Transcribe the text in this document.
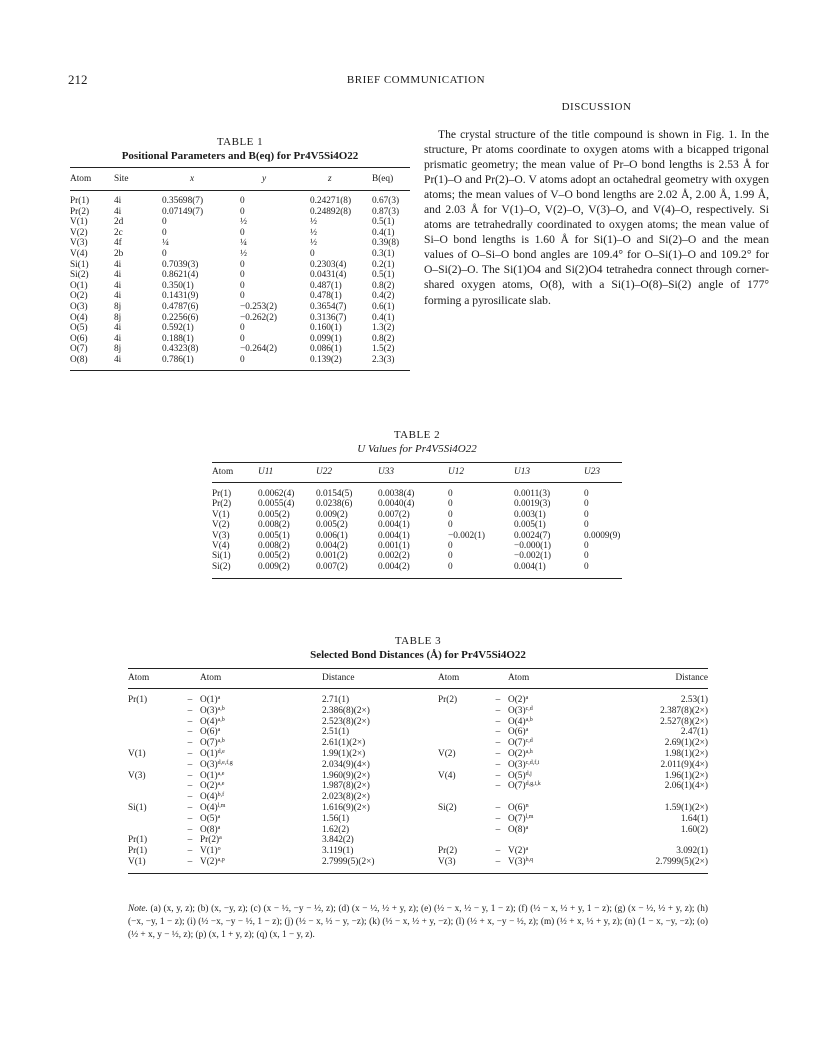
212	BRIEF COMMUNICATION
TABLE 1
Positional Parameters and B(eq) for Pr4V5Si4O22
Atom	Site	x	y	z	B(eq)
Pr(1)	4i	0.35698(7)	0	0.24271(8)	0.67(3)
Pr(2)	4i	0.07149(7)	0	0.24892(8)	0.87(3)
V(1)	2d	0	½	½	0.5(1)
V(2)	2c	0	0	½	0.4(1)
V(3)	4f	¼	¼	½	0.39(8)
V(4)	2b	0	½	0	0.3(1)
Si(1)	4i	0.7039(3)	0	0.2303(4)	0.2(1)
Si(2)	4i	0.8621(4)	0	0.0431(4)	0.5(1)
O(1)	4i	0.350(1)	0	0.487(1)	0.8(2)
O(2)	4i	0.1431(9)	0	0.478(1)	0.4(2)
O(3)	8j	0.4787(6)	−0.253(2)	0.3654(7)	0.6(1)
O(4)	8j	0.2256(6)	−0.262(2)	0.3136(7)	0.4(1)
O(5)	4i	0.592(1)	0	0.160(1)	1.3(2)
O(6)	4i	0.188(1)	0	0.099(1)	0.8(2)
O(7)	8j	0.4323(8)	−0.264(2)	0.086(1)	1.5(2)
O(8)	4i	0.786(1)	0	0.139(2)	2.3(3)
DISCUSSION

The crystal structure of the title compound is shown in Fig. 1. In the structure, Pr atoms coordinate to oxygen atoms with a bicapped trigonal prismatic geometry; the mean value of Pr–O bond lengths is 2.53 Å for Pr(1)–O and Pr(2)–O. V atoms adopt an octahedral geometry with oxygen atoms; the mean values of V–O bond lengths are 2.02 Å, 2.00 Å, 1.99 Å, and 2.03 Å for V(1)–O, V(2)–O, V(3)–O, and V(4)–O, respectively. Si atoms are tetrahedrally coordinated to oxygen atoms; the mean value of Si–O bond lengths is 1.60 Å for Si(1)–O and Si(2)–O and the mean values of O–Si–O bond angles are 109.4° for O–Si(1)–O and 109.2° for O–Si(2)–O. The Si(1)O4 and Si(2)O4 tetrahedra connect through corner-shared oxygen atoms, O(8), with a Si(1)–O(8)–Si(2) angle of 177° forming a pyrosilicate slab.

TABLE 2
U Values for Pr4V5Si4O22
Atom	U11	U22	U33	U12	U13	U23
Pr(1)	0.0062(4)	0.0154(5)	0.0038(4)	0	0.0011(3)	0
Pr(2)	0.0055(4)	0.0238(6)	0.0040(4)	0	0.0019(3)	0
V(1)	0.005(2)	0.009(2)	0.007(2)	0	0.003(1)	0
V(2)	0.008(2)	0.005(2)	0.004(1)	0	0.005(1)	0
V(3)	0.005(1)	0.006(1)	0.004(1)	−0.002(1)	0.0024(7)	0.0009(9)
V(4)	0.008(2)	0.004(2)	0.001(1)	0	−0.000(1)	0
Si(1)	0.005(2)	0.001(2)	0.002(2)	0	−0.002(1)	0
Si(2)	0.009(2)	0.007(2)	0.004(2)	0	0.004(1)	0
TABLE 3
Selected Bond Distances (Å) for Pr4V5Si4O22
Atom		Atom	Distance	Atom		Atom	Distance
Pr(1)	–	$O(1)^a$	2.71(1)	Pr(2)	–	$O(2)^a$	2.53(1)
	–	$O(3)^{a,b}$	2.386(8)(2×)		–	$O(3)^{c,d}$	2.387(8)(2×)
	–	$O(4)^{a,b}$	2.523(8)(2×)		–	$O(4)^{a,b}$	2.527(8)(2×)
	–	$O(6)^a$	2.51(1)		–	$O(6)^a$	2.47(1)
	–	$O(7)^{a,b}$	2.61(1)(2×)		–	$O(7)^{c,d}$	2.69(1)(2×)
V(1)	–	$O(1)^{d,e}$	1.99(1)(2×)	V(2)	–	$O(2)^{a,h}$	1.98(1)(2×)
	–	$O(3)^{d,e,f,g}$	2.034(9)(4×)		–	$O(3)^{c,d,f,i}$	2.011(9)(4×)
V(3)	–	$O(1)^{a,e}$	1.960(9)(2×)	V(4)	–	$O(5)^{d,j}$	1.96(1)(2×)
	–	$O(2)^{a,e}$	1.987(8)(2×)		–	$O(7)^{d,g,i,k}$	2.06(1)(4×)
	–	$O(4)^{b,f}$	2.023(8)(2×)				
Si(1)	–	$O(4)^{l,m}$	1.616(9)(2×)	Si(2)	–	$O(6)^n$	1.59(1)(2×)
	–	$O(5)^a$	1.56(1)		–	$O(7)^{l,m}$	1.64(1)
	–	$O(8)^a$	1.62(2)		–	$O(8)^a$	1.60(2)
Pr(1)	–	$Pr(2)^a$	3.842(2)				
Pr(1)	–	$V(1)^o$	3.119(1)	Pr(2)	–	$V(2)^a$	3.092(1)
V(1)	–	$V(2)^{a,p}$	2.7999(5)(2×)	V(3)	–	$V(3)^{h,q}$	2.7999(5)(2×)
Note. (a) (x, y, z); (b) (x, −y, z); (c) (x − ½, −y − ½, z); (d) (x − ½, ½ + y, z); (e) (½ − x, ½ − y, 1 − z); (f) (½ − x, ½ + y, 1 − z); (g) (x − ½, ½ + y, z); (h) (−x, −y, 1 − z); (i) (½ −x, −y − ½, 1 − z); (j) (½ − x, ½ − y, −z); (k) (½ − x, ½ + y, −z); (l) (½ + x, −y − ½, z); (m) (½ + x, ½ + y, z); (n) (1 − x, −y, −z); (o) (½ + x, y − ½, z); (p) (x, 1 + y, z); (q) (x, 1 − y, z).
